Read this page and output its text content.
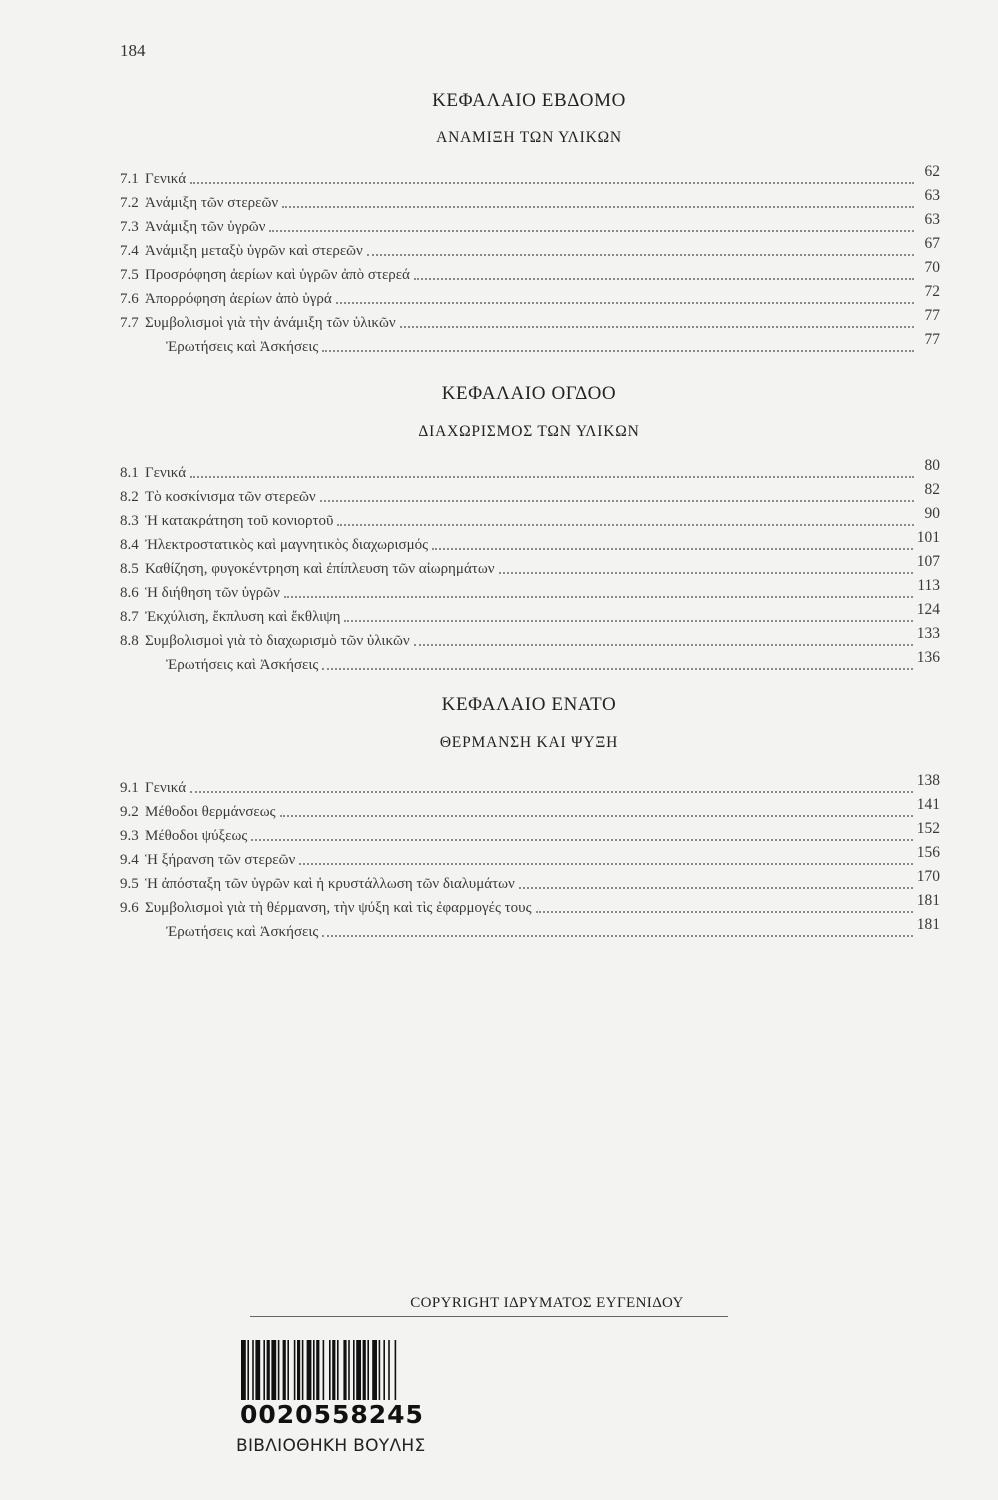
184
ΚΕΦΑΛΑΙΟ ΕΒΔΟΜΟ
ΑΝΑΜΙΞΗ ΤΩΝ ΥΛΙΚΩΝ
ΚΕΦΑΛΑΙΟ ΟΓΔΟΟ
ΔΙΑΧΩΡΙΣΜΟΣ ΤΩΝ ΥΛΙΚΩΝ
ΚΕΦΑΛΑΙΟ ΕΝΑΤΟ
ΘΕΡΜΑΝΣΗ ΚΑΙ ΨΥΞΗ
7.1 Γενικά	62
7.2 Ἀνάμιξη τῶν στερεῶν	63
7.3 Ἀνάμιξη τῶν ὑγρῶν	63
7.4 Ἀνάμιξη μεταξὺ ὑγρῶν καὶ στερεῶν	67
7.5 Προσρόφηση ἀερίων καὶ ὑγρῶν ἀπὸ στερεά	70
7.6 Ἀπορρόφηση ἀερίων ἀπὸ ὑγρά	72
7.7 Συμβολισμοὶ γιὰ τὴν ἀνάμιξη τῶν ὑλικῶν	77
Ἐρωτήσεις καὶ Ἀσκήσεις	77
8.1 Γενικά	80
8.2 Τὸ κοσκίνισμα τῶν στερεῶν	82
8.3 Ἡ κατακράτηση τοῦ κονιορτοῦ	90
8.4 Ἠλεκτροστατικὸς καὶ μαγνητικὸς διαχωρισμός	101
8.5 Καθίζηση, φυγοκέντρηση καὶ ἐπίπλευση τῶν αἰωρημάτων	107
8.6 Ἡ διήθηση τῶν ὑγρῶν	113
8.7 Ἐκχύλιση, ἔκπλυση καὶ ἔκθλιψη	124
8.8 Συμβολισμοὶ γιὰ τὸ διαχωρισμὸ τῶν ὑλικῶν	133
Ἐρωτήσεις καὶ Ἀσκήσεις	136
9.1 Γενικά	138
9.2 Μέθοδοι θερμάνσεως	141
9.3 Μέθοδοι ψύξεως	152
9.4 Ἡ ξήρανση τῶν στερεῶν	156
9.5 Ἡ ἀπόσταξη τῶν ὑγρῶν καὶ ἡ κρυστάλλωση τῶν διαλυμάτων	170
9.6 Συμβολισμοὶ γιὰ τὴ θέρμανση, τὴν ψύξη καὶ τὶς ἐφαρμογές τους	181
Ἐρωτήσεις καὶ Ἀσκήσεις	181
COPYRIGHT ΙΔΡΥΜΑΤΟΣ ΕΥΓΕΝΙΔΟΥ
0020558245
ΒΙΒΛΙΟΘΗΚΗ ΒΟΥΛΗΣ
